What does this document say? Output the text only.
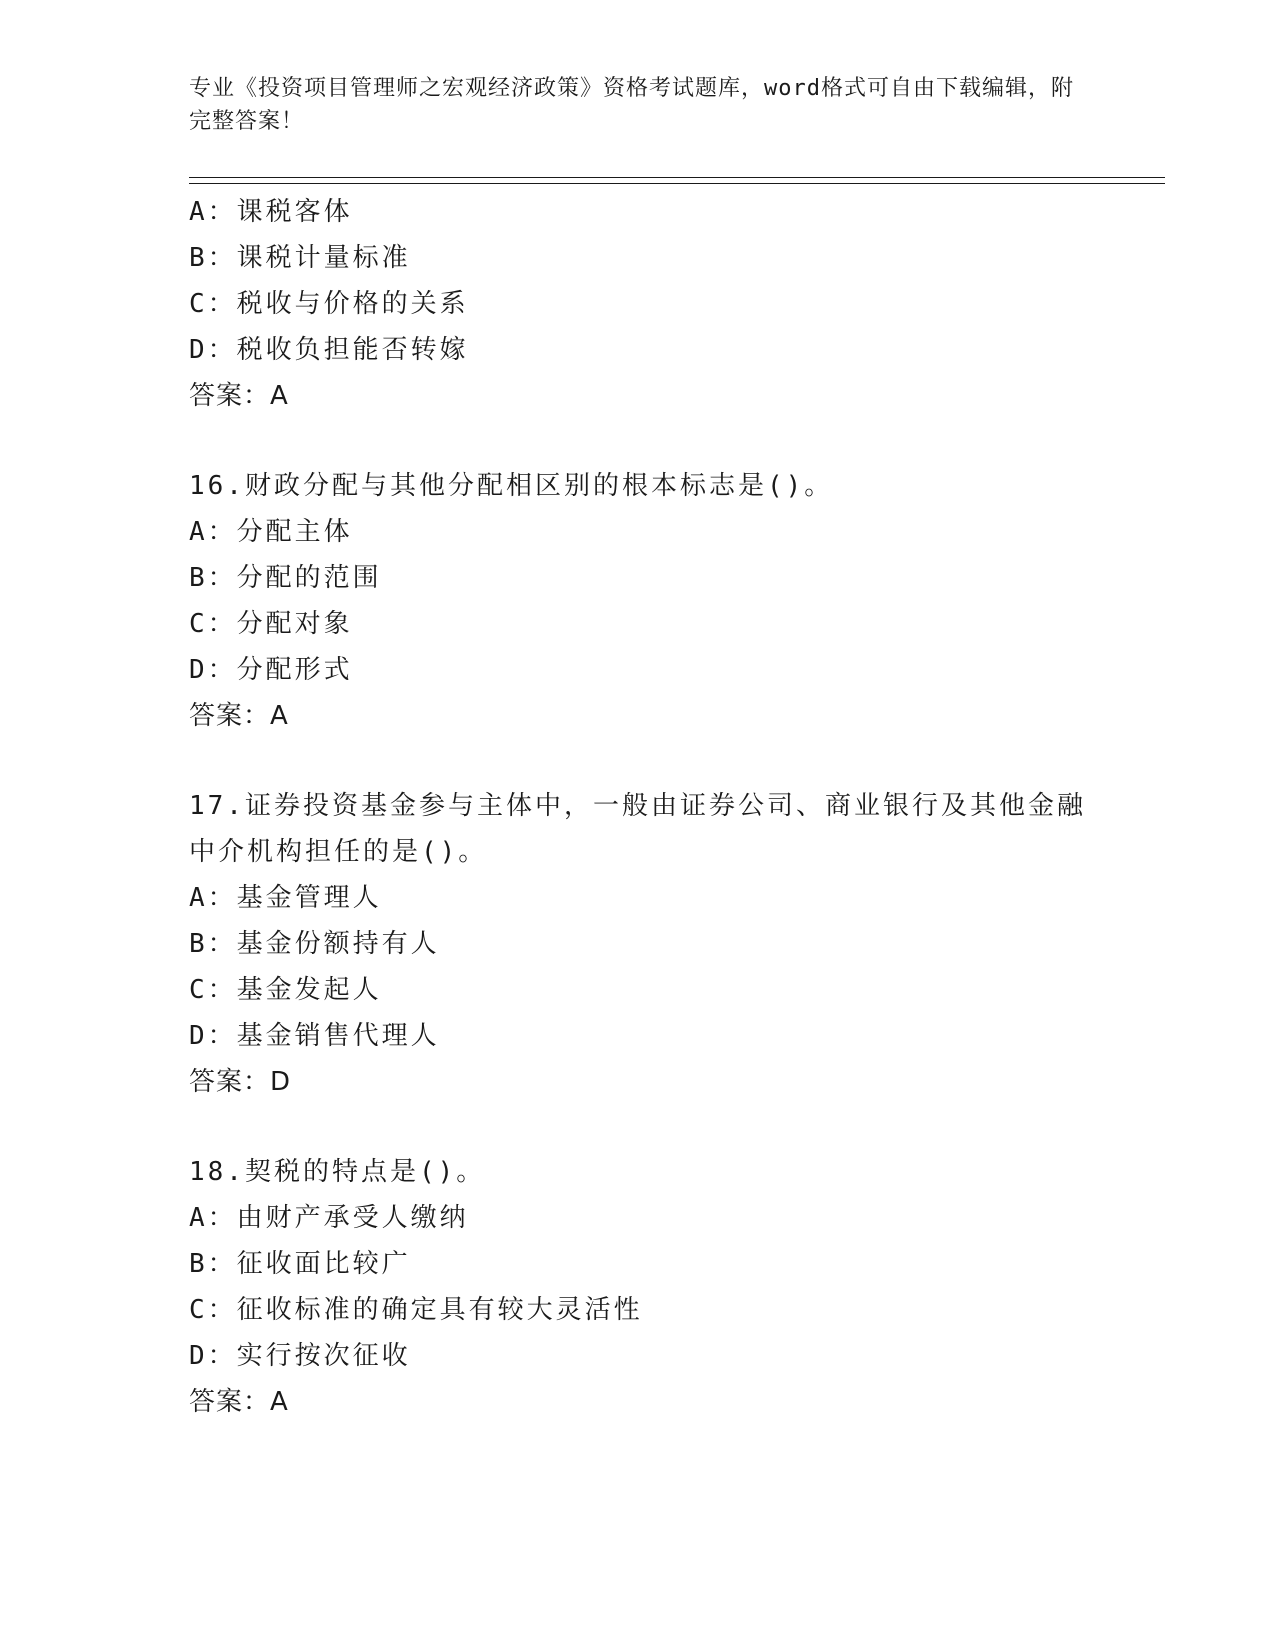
专业《投资项目管理师之宏观经济政策》资格考试题库，word格式可自由下载编辑，附完整答案！
A：课税客体
B：课税计量标准
C：税收与价格的关系
D：税收负担能否转嫁
答案：A
16.财政分配与其他分配相区别的根本标志是()。
A：分配主体
B：分配的范围
C：分配对象
D：分配形式
答案：A
17.证券投资基金参与主体中，一般由证券公司、商业银行及其他金融
中介机构担任的是()。
A：基金管理人
B：基金份额持有人
C：基金发起人
D：基金销售代理人
答案：D
18.契税的特点是()。
A：由财产承受人缴纳
B：征收面比较广
C：征收标准的确定具有较大灵活性
D：实行按次征收
答案：A
